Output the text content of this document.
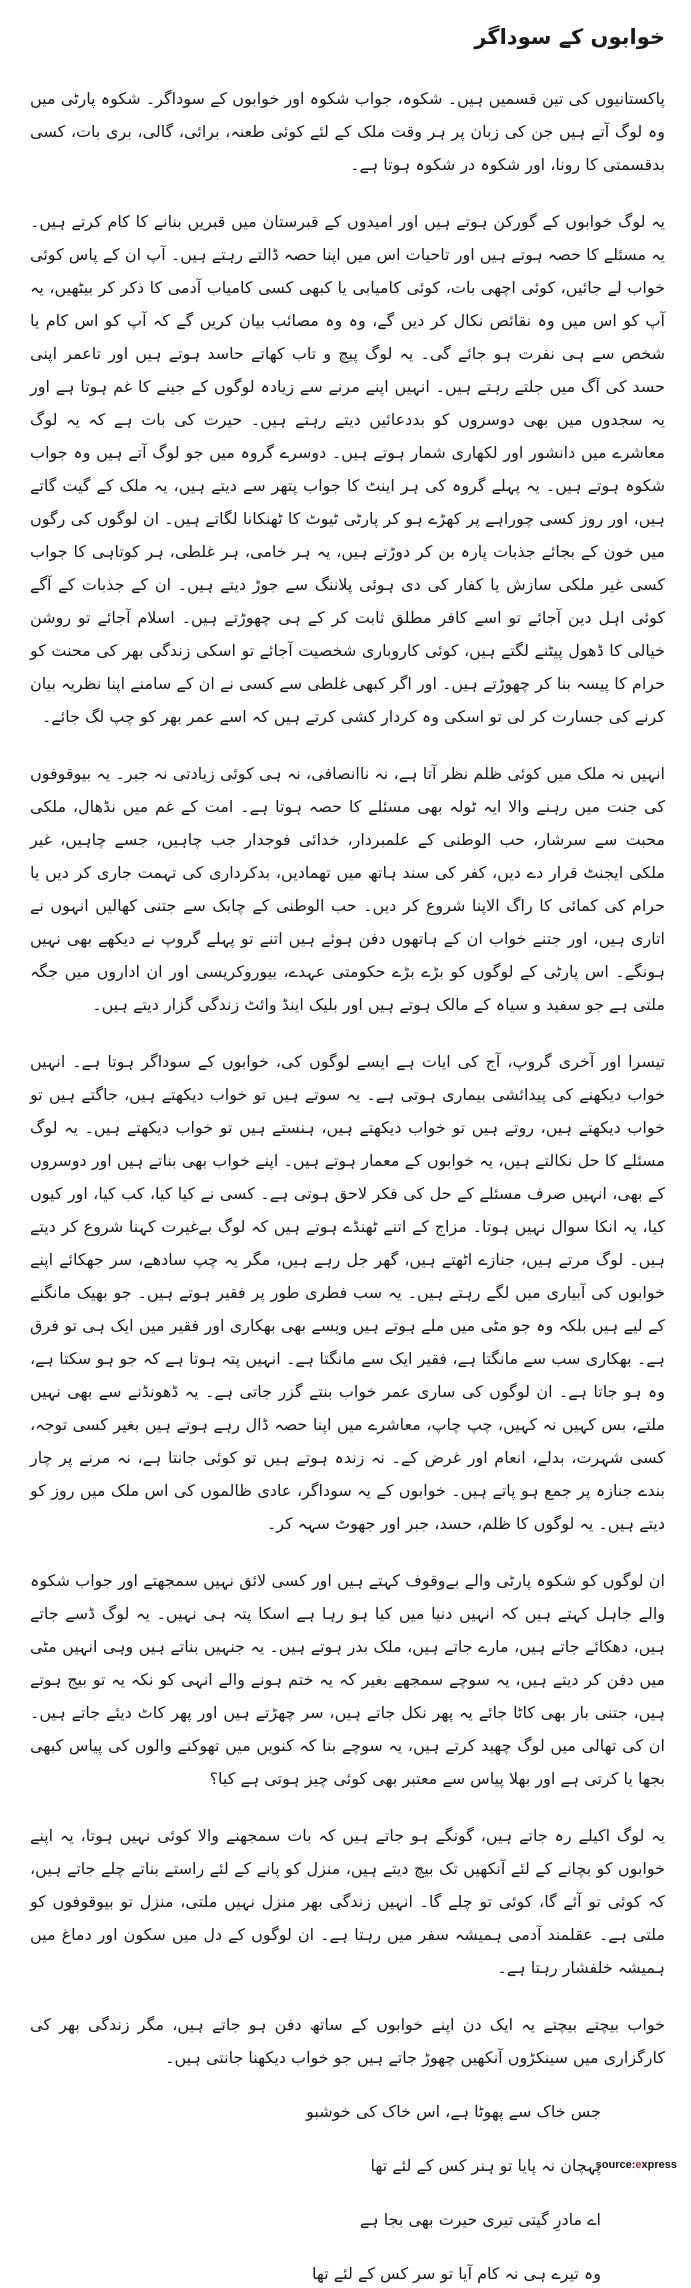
خوابوں کے سوداگر

پاکستانیوں کی تین قسمیں ہیں۔ شکوہ، جواب شکوہ اور خوابوں کے سوداگر۔ شکوہ پارٹی میں وہ لوگ آتے ہیں جن کی زبان پر ہر وقت ملک کے لئے کوئی طعنہ، برائی، گالی، بری بات، کسی بدقسمتی کا رونا، اور شکوہ در شکوہ ہوتا ہے۔

یہ لوگ خوابوں کے گورکن ہوتے ہیں اور امیدوں کے قبرستان میں قبریں بنانے کا کام کرتے ہیں۔ یہ مسئلے کا حصہ ہوتے ہیں اور تاحیات اس میں اپنا حصہ ڈالتے رہتے ہیں۔ آپ ان کے پاس کوئی خواب لے جائیں، کوئی اچھی بات، کوئی کامیابی یا کبھی کسی کامیاب آدمی کا ذکر کر بیٹھیں، یہ آپ کو اس میں وہ نقائص نکال کر دیں گے، وہ وہ مصائب بیان کریں گے کہ آپ کو اس کام یا شخص سے ہی نفرت ہو جائے گی۔ یہ لوگ پیچ و تاب کھاتے حاسد ہوتے ہیں اور تاعمر اپنی حسد کی آگ میں جلتے رہتے ہیں۔ انہیں اپنے مرنے سے زیادہ لوگوں کے جینے کا غم ہوتا ہے اور یہ سجدوں میں بھی دوسروں کو بددعائیں دیتے رہتے ہیں۔ حیرت کی بات ہے کہ یہ لوگ معاشرے میں دانشور اور لکھاری شمار ہوتے ہیں۔ دوسرے گروہ میں جو لوگ آتے ہیں وہ جواب شکوہ ہوتے ہیں۔ یہ پہلے گروہ کی ہر اینٹ کا جواب پتھر سے دیتے ہیں، یہ ملک کے گیت گاتے ہیں، اور روز کسی چوراہے پر کھڑے ہو کر پارٹی ٹیوٹ کا ٹھنکانا لگاتے ہیں۔ ان لوگوں کی رگوں میں خون کے بجائے جذبات پارہ بن کر دوڑتے ہیں، یہ ہر خامی، ہر غلطی، ہر کوتاہی کا جواب کسی غیر ملکی سازش یا کفار کی دی ہوئی پلاننگ سے جوڑ دیتے ہیں۔ ان کے جذبات کے آگے کوئی اہل دین آجائے تو اسے کافر مطلق ثابت کر کے ہی چھوڑتے ہیں۔ اسلام آجائے تو روشن خیالی کا ڈھول پیٹنے لگتے ہیں، کوئی کاروباری شخصیت آجائے تو اسکی زندگی بھر کی محنت کو حرام کا پیسہ بنا کر چھوڑتے ہیں۔ اور اگر کبھی غلطی سے کسی نے ان کے سامنے اپنا نظریہ بیان کرنے کی جسارت کر لی تو اسکی وہ کردار کشی کرتے ہیں کہ اسے عمر بھر کو چپ لگ جائے۔

انہیں نہ ملک میں کوئی ظلم نظر آتا ہے، نہ ناانصافی، نہ ہی کوئی زیادتی نہ جبر۔ یہ بیوقوفوں کی جنت میں رہنے والا ایہ ٹولہ بھی مسئلے کا حصہ ہوتا ہے۔ امت کے غم میں نڈھال، ملکی محبت سے سرشار، حب الوطنی کے علمبردار، خدائی فوجدار جب چاہیں، جسے چاہیں، غیر ملکی ایجنٹ قرار دے دیں، کفر کی سند ہاتھ میں تھمادیں، بدکرداری کی تہمت جاری کر دیں یا حرام کی کمائی کا راگ الاپنا شروع کر دیں۔ حب الوطنی کے چابک سے جتنی کھالیں انہوں نے اتاری ہیں، اور جتنے خواب ان کے ہاتھوں دفن ہوئے ہیں اتنے تو پہلے گروپ نے دیکھے بھی نہیں ہونگے۔ اس پارٹی کے لوگوں کو بڑے بڑے حکومتی عہدے، بیوروکریسی اور ان اداروں میں جگہ ملتی ہے جو سفید و سیاہ کے مالک ہوتے ہیں اور بلیک اینڈ وائٹ زندگی گزار دیتے ہیں۔

تیسرا اور آخری گروپ، آج کی ایات ہے ایسے لوگوں کی، خوابوں کے سوداگر ہوتا ہے۔ انہیں خواب دیکھنے کی پیدائشی بیماری ہوتی ہے۔ یہ سوتے ہیں تو خواب دیکھتے ہیں، جاگتے ہیں تو خواب دیکھتے ہیں، روتے ہیں تو خواب دیکھتے ہیں، ہنستے ہیں تو خواب دیکھتے ہیں۔ یہ لوگ مسئلے کا حل نکالتے ہیں، یہ خوابوں کے معمار ہوتے ہیں۔ اپنے خواب بھی بناتے ہیں اور دوسروں کے بھی، انہیں صرف مسئلے کے حل کی فکر لاحق ہوتی ہے۔ کسی نے کیا کیا، کب کیا، اور کیوں کیا، یہ انکا سوال نہیں ہوتا۔ مزاج کے اتنے ٹھنڈے ہوتے ہیں کہ لوگ بےغیرت کہنا شروع کر دیتے ہیں۔ لوگ مرتے ہیں، جنازے اٹھتے ہیں، گھر جل رہے ہیں، مگر یہ چپ سادھے، سر جھکائے اپنے خوابوں کی آبیاری میں لگے رہتے ہیں۔ یہ سب فطری طور پر فقیر ہوتے ہیں۔ جو بھیک مانگنے کے لیے ہیں بلکہ وہ جو مٹی میں ملے ہوتے ہیں ویسے بھی بھکاری اور فقیر میں ایک ہی تو فرق ہے۔ بھکاری سب سے مانگتا ہے، فقیر ایک سے مانگتا ہے۔ انہیں پتہ ہوتا ہے کہ جو ہو سکتا ہے، وہ ہو جاتا ہے۔ ان لوگوں کی ساری عمر خواب بنتے گزر جاتی ہے۔ یہ ڈھونڈنے سے بھی نہیں ملتے، بس کہیں نہ کہیں، چپ چاپ، معاشرے میں اپنا حصہ ڈال رہے ہوتے ہیں بغیر کسی توجہ، کسی شہرت، بدلے، انعام اور غرض کے۔ نہ زندہ ہوتے ہیں تو کوئی جانتا ہے، نہ مرنے پر چار بندے جنازہ پر جمع ہو پاتے ہیں۔ خوابوں کے یہ سوداگر، عادی ظالموں کی اس ملک میں روز کو دیتے ہیں۔ یہ لوگوں کا ظلم، حسد، جبر اور جھوٹ سہہ کر۔

ان لوگوں کو شکوہ پارٹی والے بےوقوف کہتے ہیں اور کسی لائق نہیں سمجھتے اور جواب شکوہ والے جاہل کہتے ہیں کہ انہیں دنیا میں کیا ہو رہا ہے اسکا پتہ ہی نہیں۔ یہ لوگ ڈسے جاتے ہیں، دھکائے جاتے ہیں، مارے جاتے ہیں، ملک بدر ہوتے ہیں۔ یہ جنہیں بناتے ہیں وہی انہیں مٹی میں دفن کر دیتے ہیں، یہ سوچے سمجھے بغیر کہ یہ ختم ہونے والے انہی کو نکہ یہ تو بیج ہوتے ہیں، جتنی بار بھی کاٹا جائے یہ پھر نکل جاتے ہیں، سر چھڑتے ہیں اور پھر کاٹ دیئے جاتے ہیں۔ ان کی تھالی میں لوگ چھید کرتے ہیں، یہ سوچے بنا کہ کنویں میں تھوکنے والوں کی پیاس کبھی بجھا یا کرتی ہے اور بھلا پیاس سے معتبر بھی کوئی چیز ہوتی ہے کیا؟

یہ لوگ اکیلے رہ جاتے ہیں، گونگے ہو جاتے ہیں کہ بات سمجھنے والا کوئی نہیں ہوتا، یہ اپنے خوابوں کو بچانے کے لئے آنکھیں تک بیچ دیتے ہیں، منزل کو پانے کے لئے راستے بناتے چلے جاتے ہیں، کہ کوئی تو آئے گا، کوئی تو چلے گا۔ انہیں زندگی بھر منزل نہیں ملتی، منزل تو بیوقوفوں کو ملتی ہے۔ عقلمند آدمی ہمیشہ سفر میں رہتا ہے۔ ان لوگوں کے دل میں سکون اور دماغ میں ہمیشہ خلفشار رہتا ہے۔

خواب بیچتے بیچتے یہ ایک دن اپنے خوابوں کے ساتھ دفن ہو جاتے ہیں، مگر زندگی بھر کی کارگزاری میں سینکڑوں آنکھیں چھوڑ جاتے ہیں جو خواب دیکھنا جانتی ہیں۔

جس خاک سے پھوٹا ہے، اس خاک کی خوشبو
پہچان نہ پایا تو ہنر کس کے لئے تھا
اے مادرِ گیتی تیری حیرت بھی بجا ہے
وہ تیرے ہی نہ کام آیا تو سر کس کے لئے تھا
source:express
